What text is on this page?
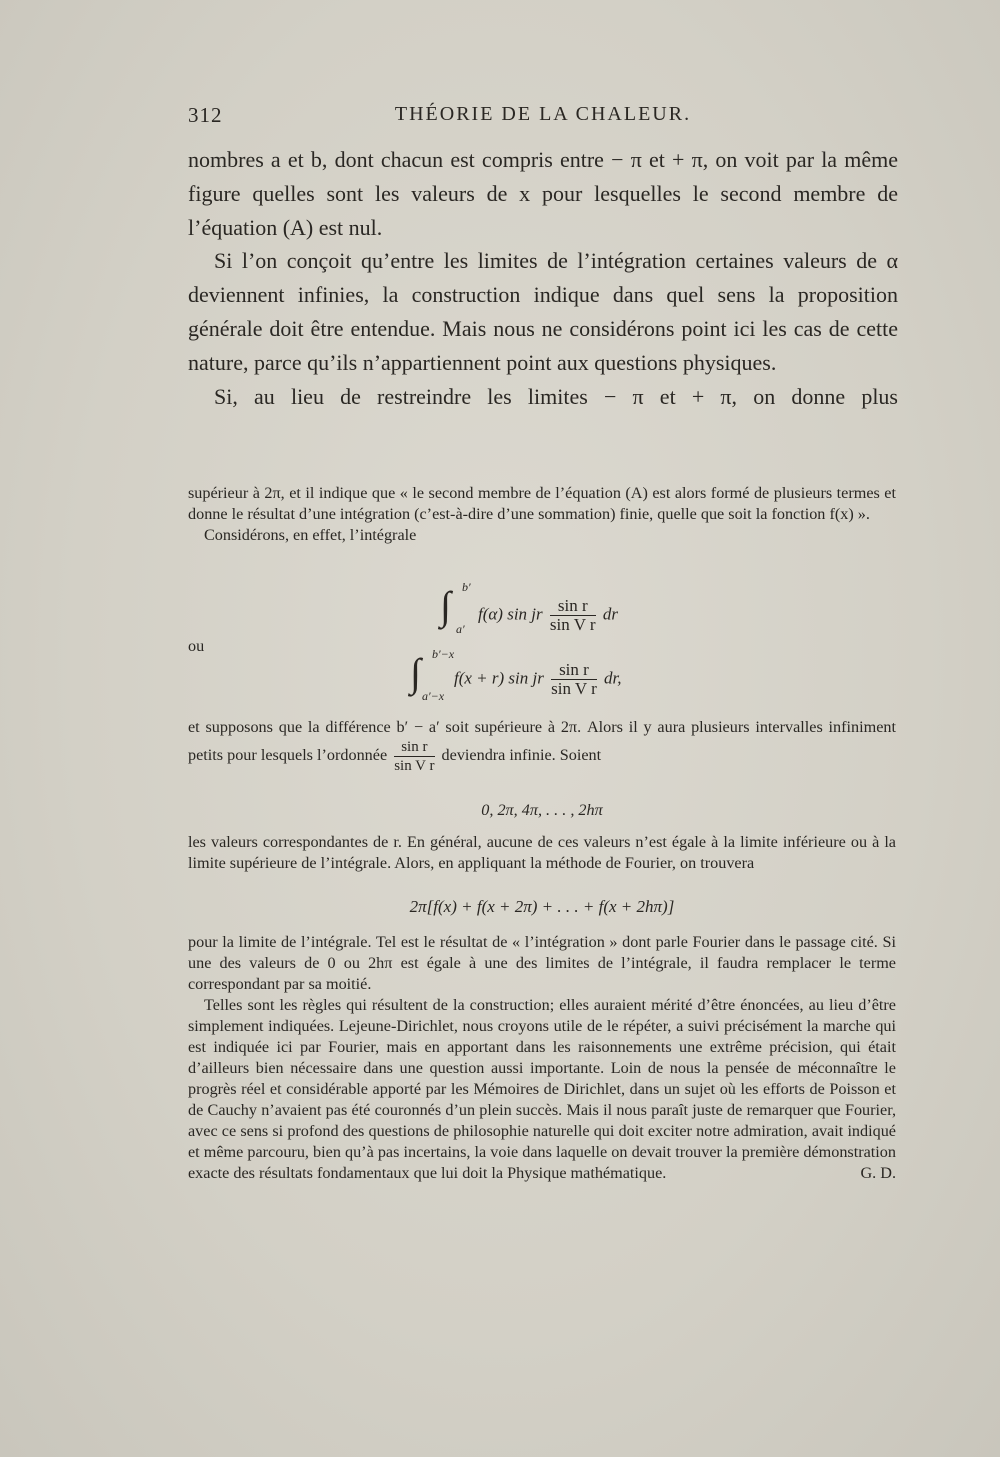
312	THÉORIE DE LA CHALEUR.

nombres a et b, dont chacun est compris entre − π et + π, on voit par la même figure quelles sont les valeurs de x pour lesquelles le second membre de l’équation (A) est nul.

Si l’on conçoit qu’entre les limites de l’intégration certaines valeurs de α deviennent infinies, la construction indique dans quel sens la proposition générale doit être entendue. Mais nous ne considérons point ici les cas de cette nature, parce qu’ils n’appartiennent point aux questions physiques.

Si, au lieu de restreindre les limites − π et + π, on donne plus

supérieur à 2π, et il indique que « le second membre de l’équation (A) est alors formé de plusieurs termes et donne le résultat d’une intégration (c’est-à-dire d’une sommation) finie, quelle que soit la fonction f(x) ».

Considérons, en effet, l’intégrale

∫ b′
a′
f(α) sin jr $\frac{\text{sin r}}{\text{sin V r}}$ dr
ou
∫ b′−x
a′−x
f(x + r) sin jr $\frac{\text{sin r}}{\text{sin V r}}$ dr,
et supposons que la différence b′ − a′ soit supérieure à 2π. Alors il y aura plusieurs intervalles infiniment petits pour lesquels l’ordonnée $\frac{\text{sin r}}{\text{sin V r}}$ deviendra infinie. Soient
0, 2π, 4π, . . . , 2hπ
les valeurs correspondantes de r. En général, aucune de ces valeurs n’est égale à la limite inférieure ou à la limite supérieure de l’intégrale. Alors, en appliquant la méthode de Fourier, on trouvera
2π[f(x) + f(x + 2π) + . . . + f(x + 2hπ)]

pour la limite de l’intégrale. Tel est le résultat de « l’intégration » dont parle Fourier dans le passage cité. Si une des valeurs de 0 ou 2hπ est égale à une des limites de l’intégrale, il faudra remplacer le terme correspondant par sa moitié.

Telles sont les règles qui résultent de la construction; elles auraient mérité d’être énoncées, au lieu d’être simplement indiquées. Lejeune-Dirichlet, nous croyons utile de le répéter, a suivi précisément la marche qui est indiquée ici par Fourier, mais en apportant dans les raisonnements une extrême précision, qui était d’ailleurs bien nécessaire dans une question aussi importante. Loin de nous la pensée de méconnaître le progrès réel et considérable apporté par les Mémoires de Dirichlet, dans un sujet où les efforts de Poisson et de Cauchy n’avaient pas été couronnés d’un plein succès. Mais il nous paraît juste de remarquer que Fourier, avec ce sens si profond des questions de philosophie naturelle qui doit exciter notre admiration, avait indiqué et même parcouru, bien qu’à pas incertains, la voie dans laquelle on devait trouver la première démonstration exacte des résultats fondamentaux que lui doit la Physique mathématique.	G. D.
